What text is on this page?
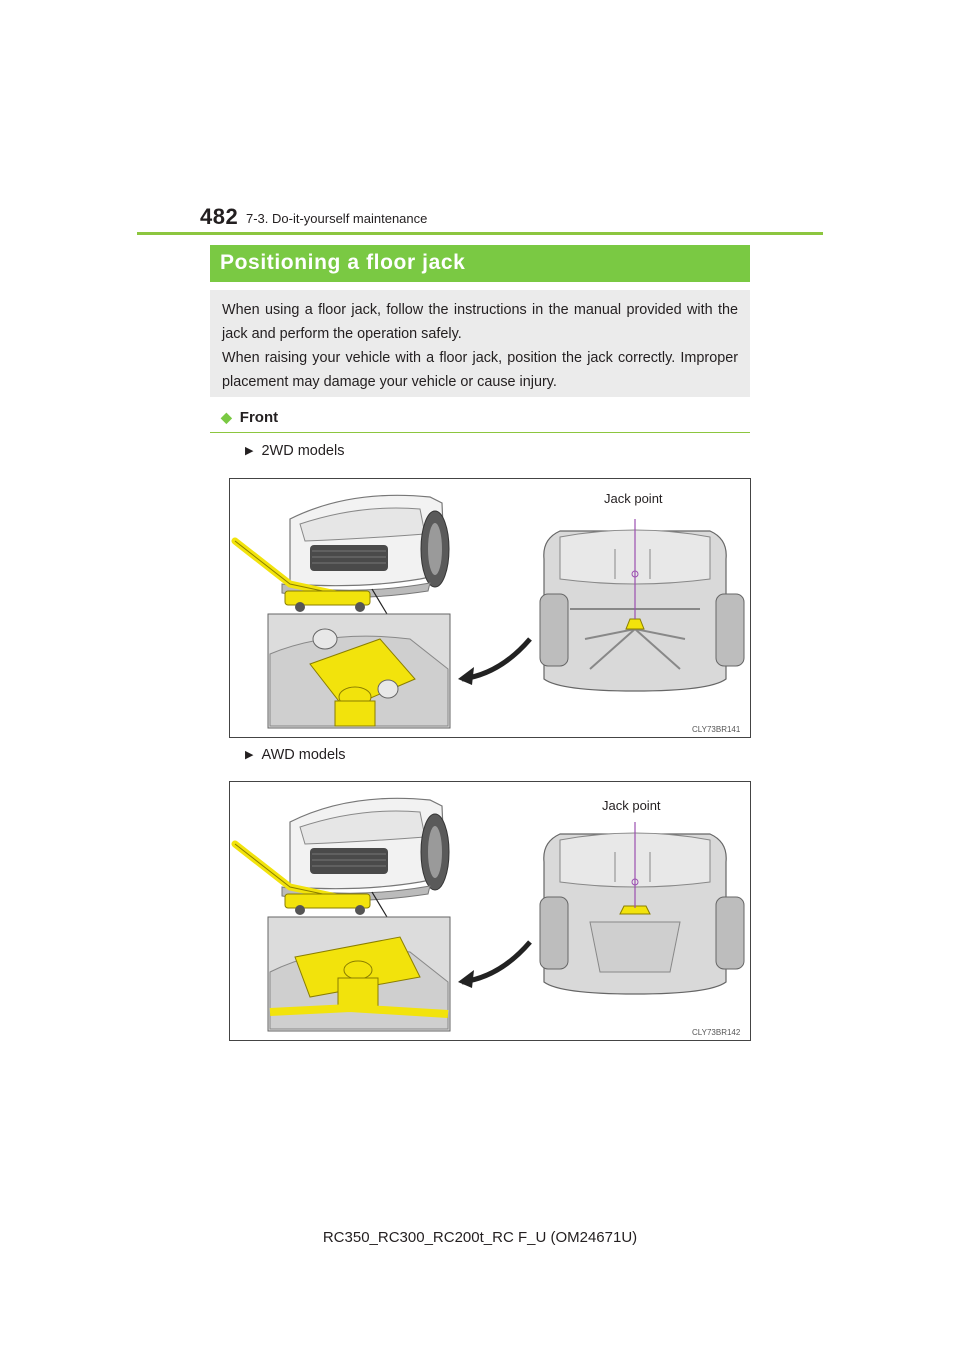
482 7-3. Do-it-yourself maintenance
Positioning a floor jack

When using a floor jack, follow the instructions in the manual provided with the jack and perform the operation safely.

When raising your vehicle with a floor jack, position the jack correctly. Improper placement may damage your vehicle or cause injury.

◆ Front
▶ 2WD models
Jack point
CLY73BR141
▶ AWD models
Jack point
CLY73BR142
RC350_RC300_RC200t_RC F_U (OM24671U)
